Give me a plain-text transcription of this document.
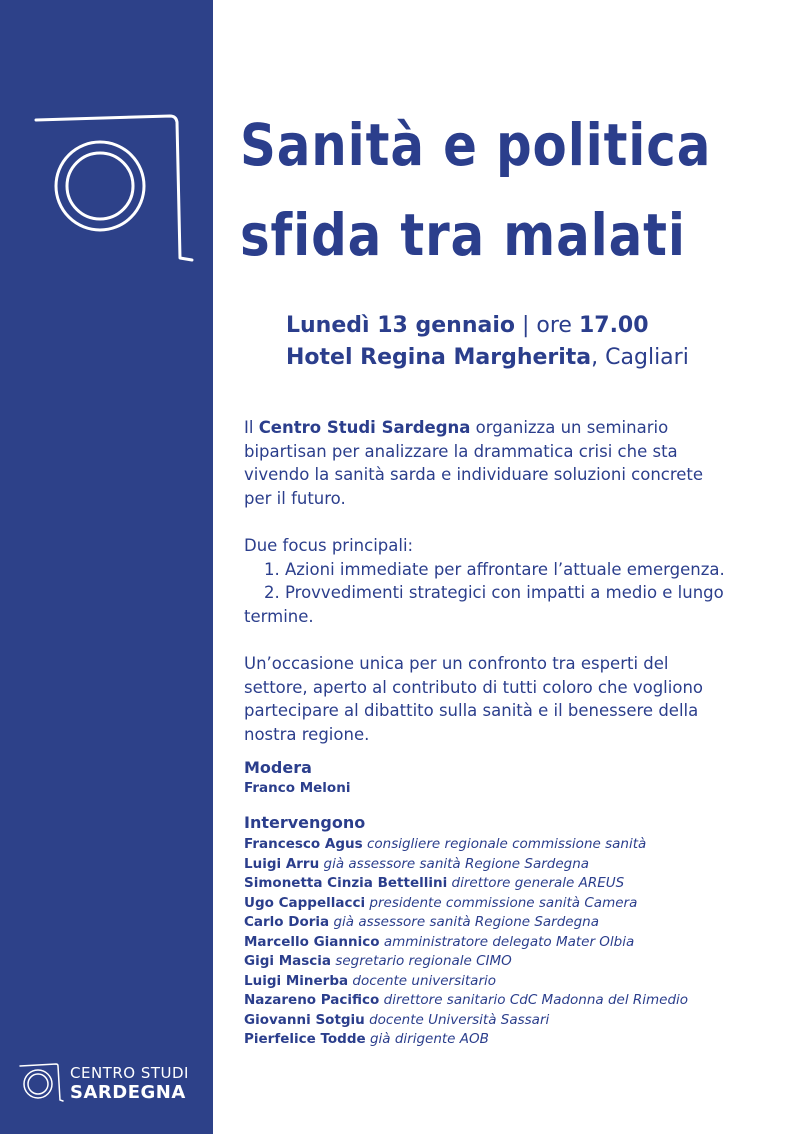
CENTRO STUDI
SARDEGNA
Sanità e politica
sfida tra malati
Lunedì 13 gennaio | ore 17.00
Hotel Regina Margherita, Cagliari

Il Centro Studi Sardegna organizza un seminario

bipartisan per analizzare la drammatica crisi che sta

vivendo la sanità sarda e individuare soluzioni concrete

per il futuro.

Due focus principali:

1. Azioni immediate per affrontare l’attuale emergenza.

2. Provvedimenti strategici con impatti a medio e lungo

termine.

Un’occasione unica per un confronto tra esperti del

settore, aperto al contributo di tutti coloro che vogliono

partecipare al dibattito sulla sanità e il benessere della

nostra regione.

Modera
Franco Meloni
Intervengono
Francesco Agus consigliere regionale commissione sanità
Luigi Arru già assessore sanità Regione Sardegna
Simonetta Cinzia Bettellini direttore generale AREUS
Ugo Cappellacci presidente commissione sanità Camera
Carlo Doria già assessore sanità Regione Sardegna
Marcello Giannico amministratore delegato Mater Olbia
Gigi Mascia segretario regionale CIMO
Luigi Minerba docente universitario
Nazareno Pacifico direttore sanitario CdC Madonna del Rimedio
Giovanni Sotgiu docente Università Sassari
Pierfelice Todde già dirigente AOB
